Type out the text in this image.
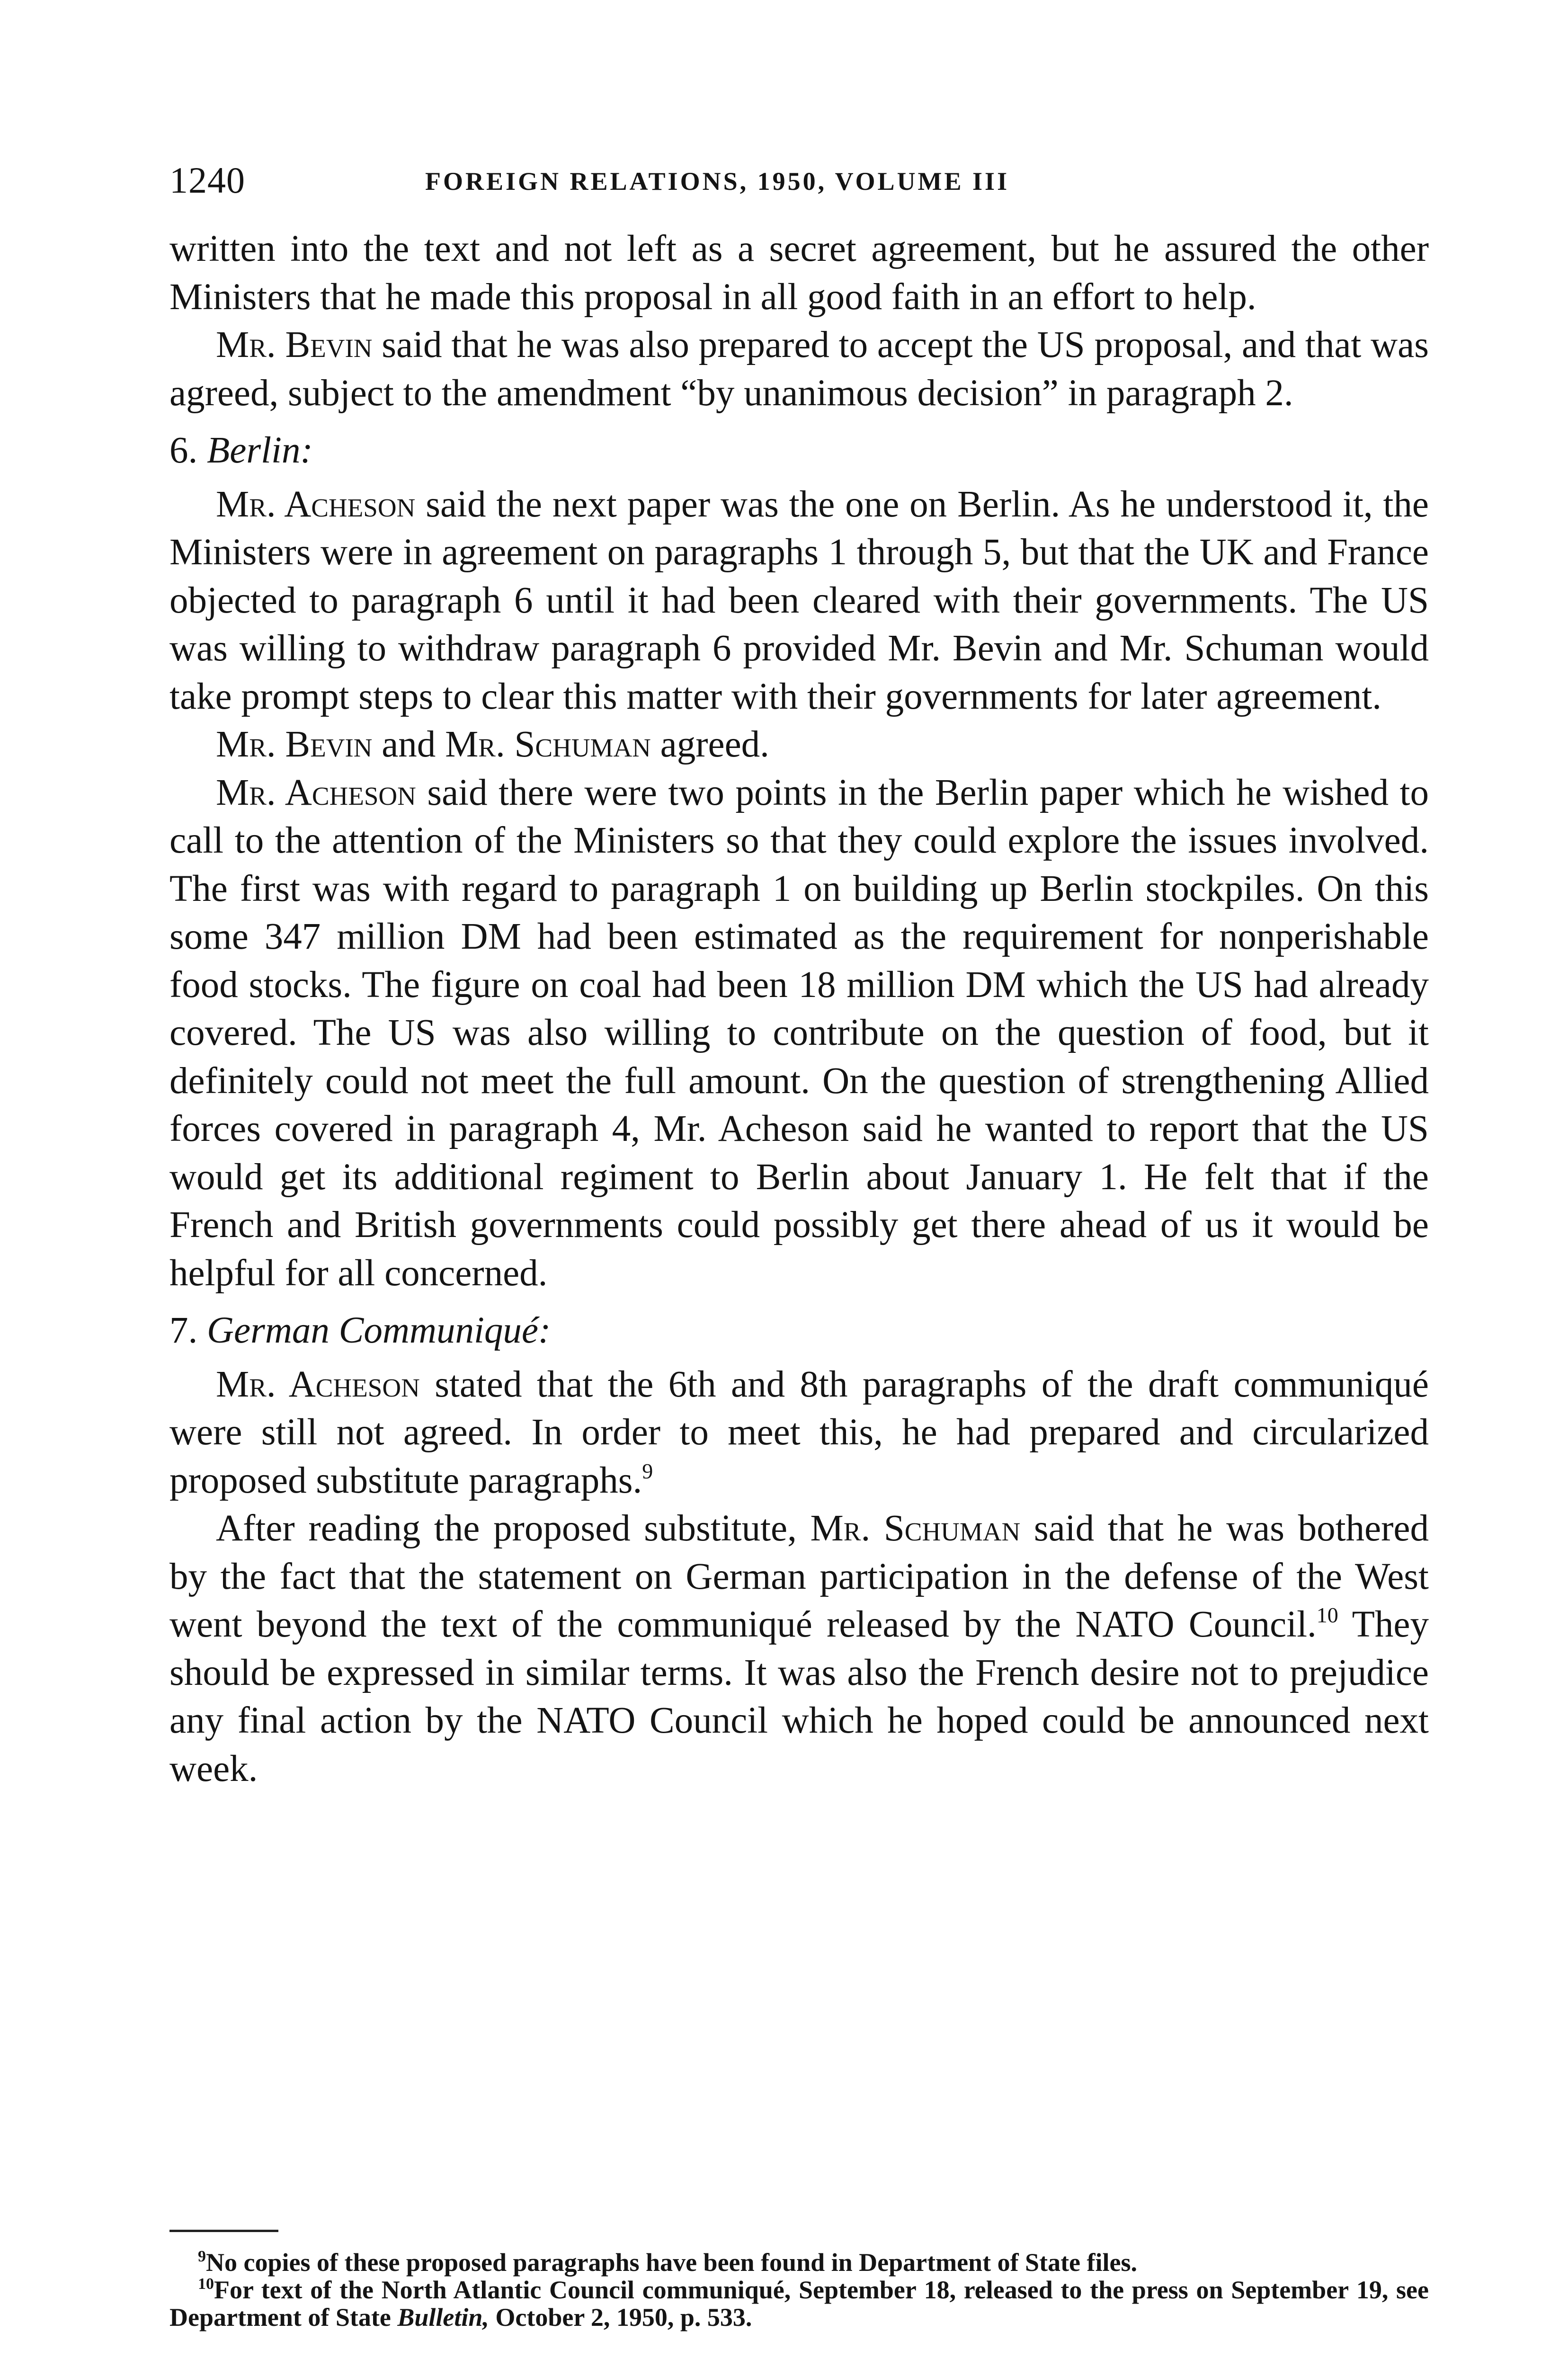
1240	FOREIGN RELATIONS, 1950, VOLUME III

written into the text and not left as a secret agreement, but he assured the other Ministers that he made this proposal in all good faith in an effort to help.

Mr. Bevin said that he was also prepared to accept the US proposal, and that was agreed, subject to the amendment “by unanimous decision” in paragraph 2.

6. Berlin:

Mr. Acheson said the next paper was the one on Berlin. As he understood it, the Ministers were in agreement on paragraphs 1 through 5, but that the UK and France objected to paragraph 6 until it had been cleared with their governments. The US was willing to withdraw paragraph 6 provided Mr. Bevin and Mr. Schuman would take prompt steps to clear this matter with their governments for later agreement.

Mr. Bevin and Mr. Schuman agreed.

Mr. Acheson said there were two points in the Berlin paper which he wished to call to the attention of the Ministers so that they could explore the issues involved. The first was with regard to paragraph 1 on building up Berlin stockpiles. On this some 347 million DM had been estimated as the requirement for nonperishable food stocks. The figure on coal had been 18 million DM which the US had already covered. The US was also willing to contribute on the question of food, but it definitely could not meet the full amount. On the question of strengthening Allied forces covered in paragraph 4, Mr. Acheson said he wanted to report that the US would get its additional regiment to Berlin about January 1. He felt that if the French and British governments could possibly get there ahead of us it would be helpful for all concerned.

7. German Communiqué:

Mr. Acheson stated that the 6th and 8th paragraphs of the draft communiqué were still not agreed. In order to meet this, he had prepared and circularized proposed substitute paragraphs.$^9$

After reading the proposed substitute, Mr. Schuman said that he was bothered by the fact that the statement on German participation in the defense of the West went beyond the text of the communiqué released by the NATO Council.$^{10}$ They should be expressed in similar terms. It was also the French desire not to prejudice any final action by the NATO Council which he hoped could be announced next week.

$^9$No copies of these proposed paragraphs have been found in Department of State files.

$^{10}$For text of the North Atlantic Council communiqué, September 18, released to the press on September 19, see Department of State Bulletin, October 2, 1950, p. 533.
